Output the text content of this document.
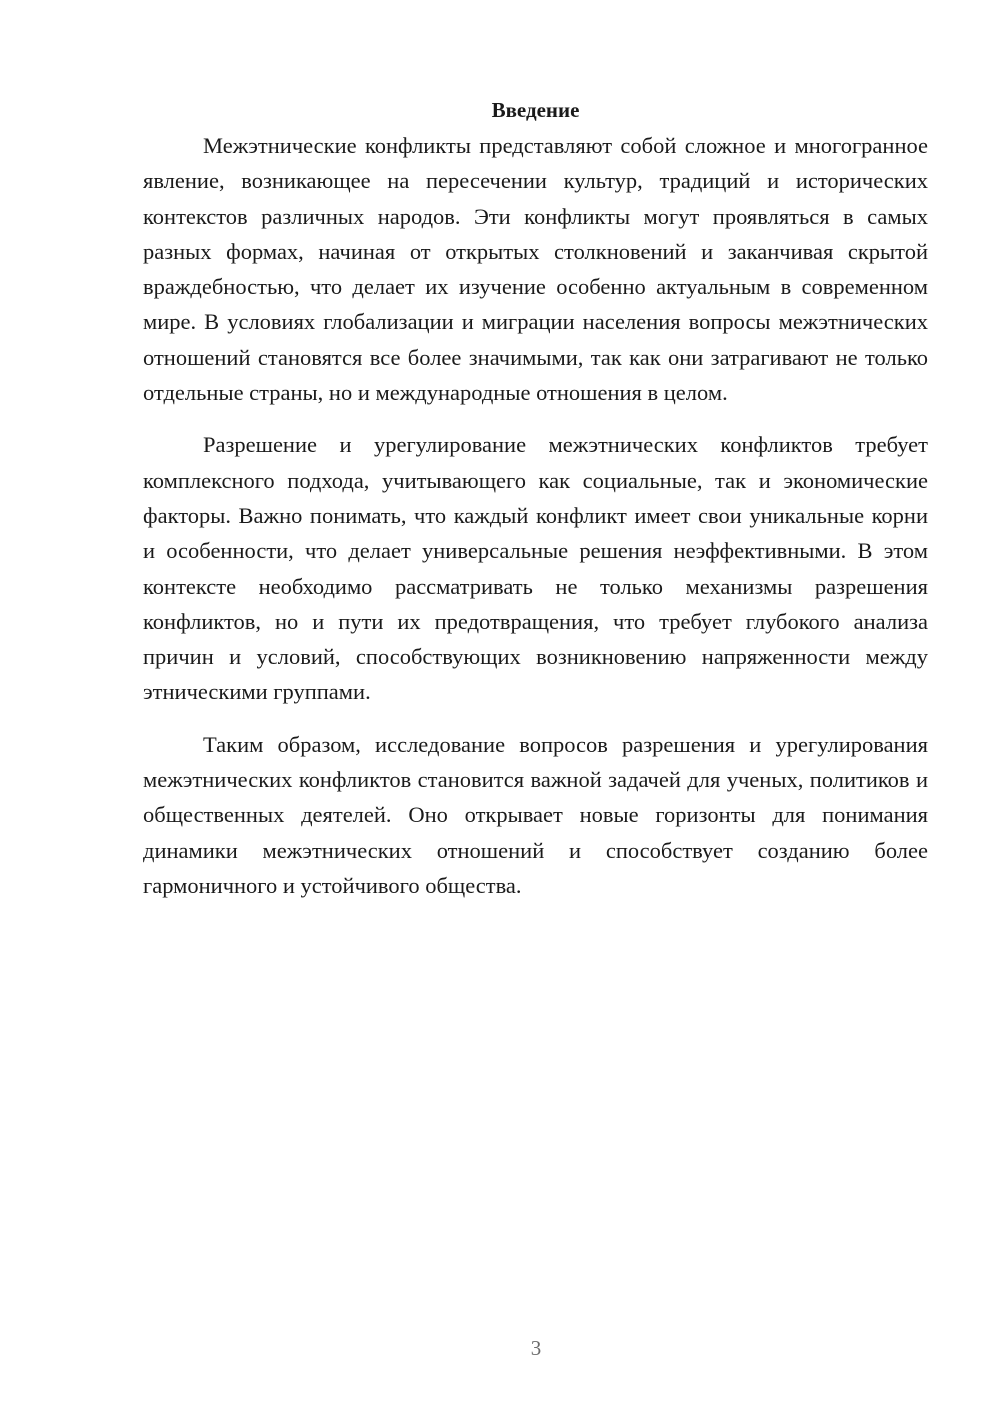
Введение

Межэтнические конфликты представляют собой сложное и многогранное явление, возникающее на пересечении культур, традиций и исторических контекстов различных народов. Эти конфликты могут проявляться в самых разных формах, начиная от открытых столкновений и заканчивая скрытой враждебностью, что делает их изучение особенно актуальным в современном мире. В условиях глобализации и миграции населения вопросы межэтнических отношений становятся все более значимыми, так как они затрагивают не только отдельные страны, но и международные отношения в целом.

Разрешение и урегулирование межэтнических конфликтов требует комплексного подхода, учитывающего как социальные, так и экономические факторы. Важно понимать, что каждый конфликт имеет свои уникальные корни и особенности, что делает универсальные решения неэффективными. В этом контексте необходимо рассматривать не только механизмы разрешения конфликтов, но и пути их предотвращения, что требует глубокого анализа причин и условий, способствующих возникновению напряженности между этническими группами.

Таким образом, исследование вопросов разрешения и урегулирования межэтнических конфликтов становится важной задачей для ученых, политиков и общественных деятелей. Оно открывает новые горизонты для понимания динамики межэтнических отношений и способствует созданию более гармоничного и устойчивого общества.

3
